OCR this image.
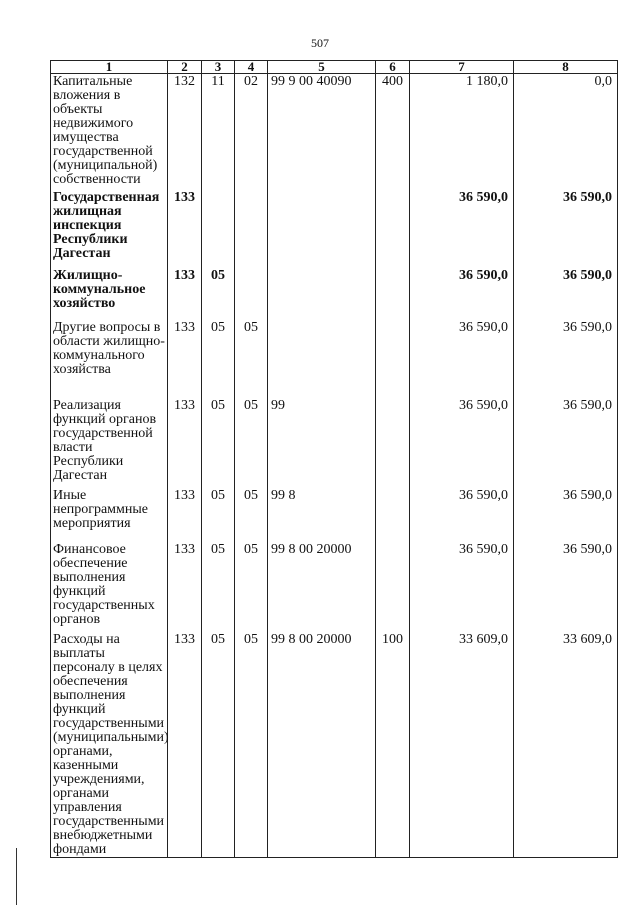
507
1	2	3	4	5	6	7	8
Капитальные вложения в объекты недвижимого имущества государственной (муниципальной) собственности	132	11	02	99 9 00 40090	400	1 180,0	0,0
Государственная жилищная инспекция Республики Дагестан	133					36 590,0	36 590,0
Жилищно-коммунальное хозяйство	133	05				36 590,0	36 590,0
Другие вопросы в области жилищно-коммунального хозяйства	133	05	05			36 590,0	36 590,0
Реализация функций органов государственной власти Республики Дагестан	133	05	05	99		36 590,0	36 590,0
Иные непрограммные мероприятия	133	05	05	99 8		36 590,0	36 590,0
Финансовое обеспечение выполнения функций государственных органов	133	05	05	99 8 00 20000		36 590,0	36 590,0
Расходы на выплаты персоналу в целях обеспечения выполнения функций государственными (муниципальными) органами, казенными учреждениями, органами управления государственными внебюджетными фондами	133	05	05	99 8 00 20000	100	33 609,0	33 609,0
